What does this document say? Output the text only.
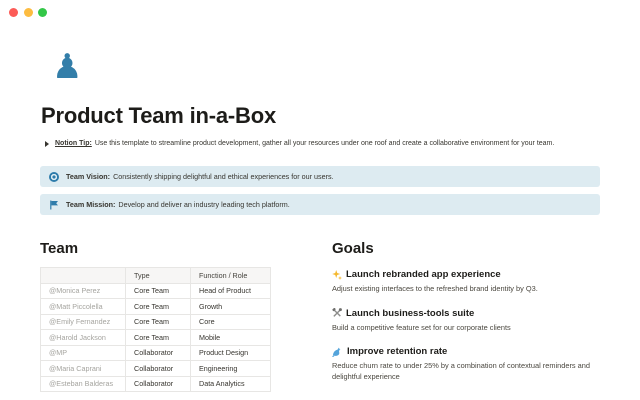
♟
Product Team in-a-Box
Notion Tip: Use this template to streamline product development, gather all your resources under one roof and create a collaborative environment for your team.
Team Vision: Consistently shipping delightful and ethical experiences for our users.
Team Mission: Develop and deliver an industry leading tech platform.
Team
	Type	Function / Role
@Monica Perez	Core Team	Head of Product
@Matt Piccolella	Core Team	Growth
@Emily Fernandez	Core Team	Core
@Harold Jackson	Core Team	Mobile
@MP	Collaborator	Product Design
@Maria Caprani	Collaborator	Engineering
@Esteban Balderas	Collaborator	Data Analytics
Goals
Launch rebranded app experience
Adjust existing interfaces to the refreshed brand identity by Q3.
Launch business-tools suite
Build a competitive feature set for our corporate clients
Improve retention rate
Reduce churn rate to under 25% by a combination of contextual reminders and delightful experience
